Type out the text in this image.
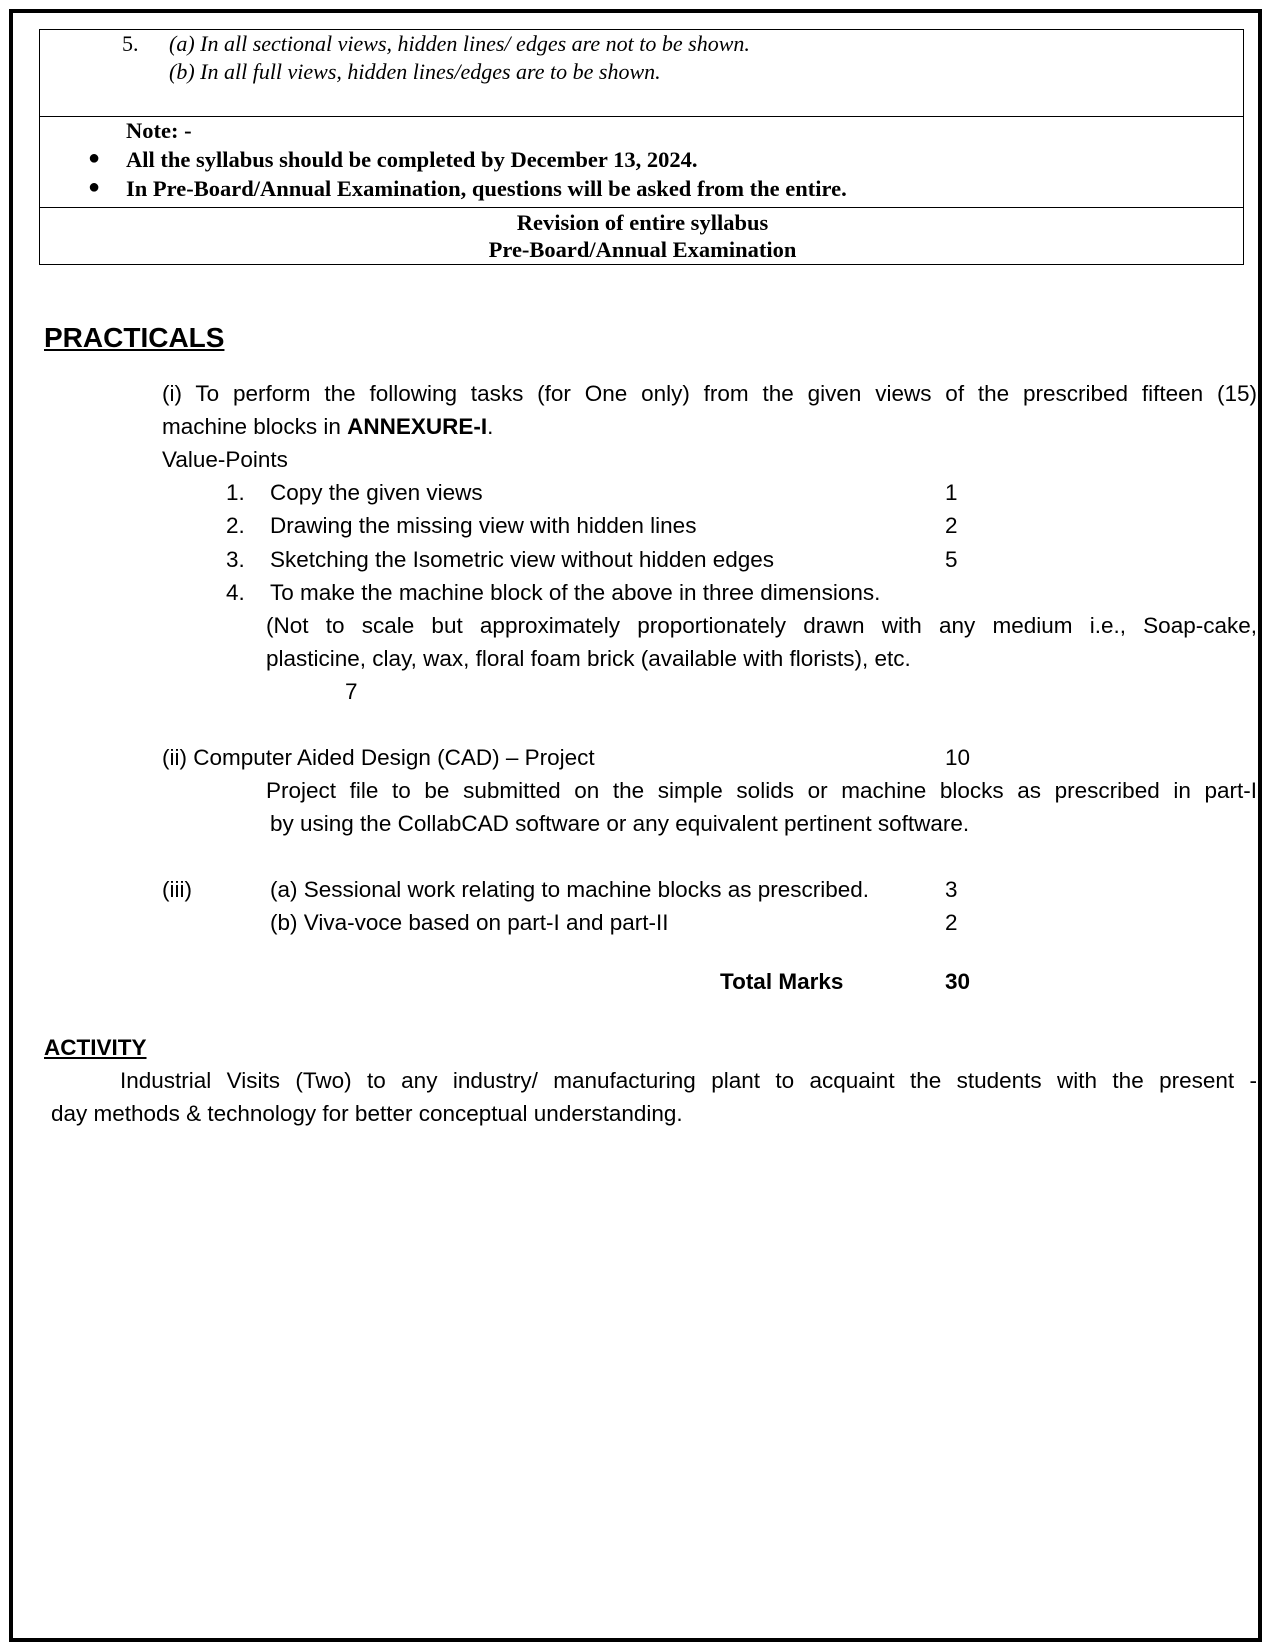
5. (a) In all sectional views, hidden lines/ edges are not to be shown.
(b) In all full views, hidden lines/edges are to be shown.
Note: -
● All the syllabus should be completed by December 13, 2024.
● In Pre-Board/Annual Examination, questions will be asked from the entire.
Revision of entire syllabus
Pre-Board/Annual Examination
PRACTICALS
(i) To perform the following tasks (for One only) from the given views of the prescribed fifteen (15)
machine blocks in ANNEXURE-I.
Value-Points
1. Copy the given views	1
2. Drawing the missing view with hidden lines	2
3. Sketching the Isometric view without hidden edges	5
4. To make the machine block of the above in three dimensions.
(Not to scale but approximately proportionately drawn with any medium i.e., Soap-cake,
plasticine, clay, wax, floral foam brick (available with florists), etc.
7
(ii) Computer Aided Design (CAD) – Project	10
Project file to be submitted on the simple solids or machine blocks as prescribed in part-I
by using the CollabCAD software or any equivalent pertinent software.
(iii)	(a) Sessional work relating to machine blocks as prescribed.	3
(b) Viva-voce based on part-I and part-II	2
Total Marks	30
ACTIVITY
Industrial Visits (Two) to any industry/ manufacturing plant to acquaint the students with the present -
day methods & technology for better conceptual understanding.
